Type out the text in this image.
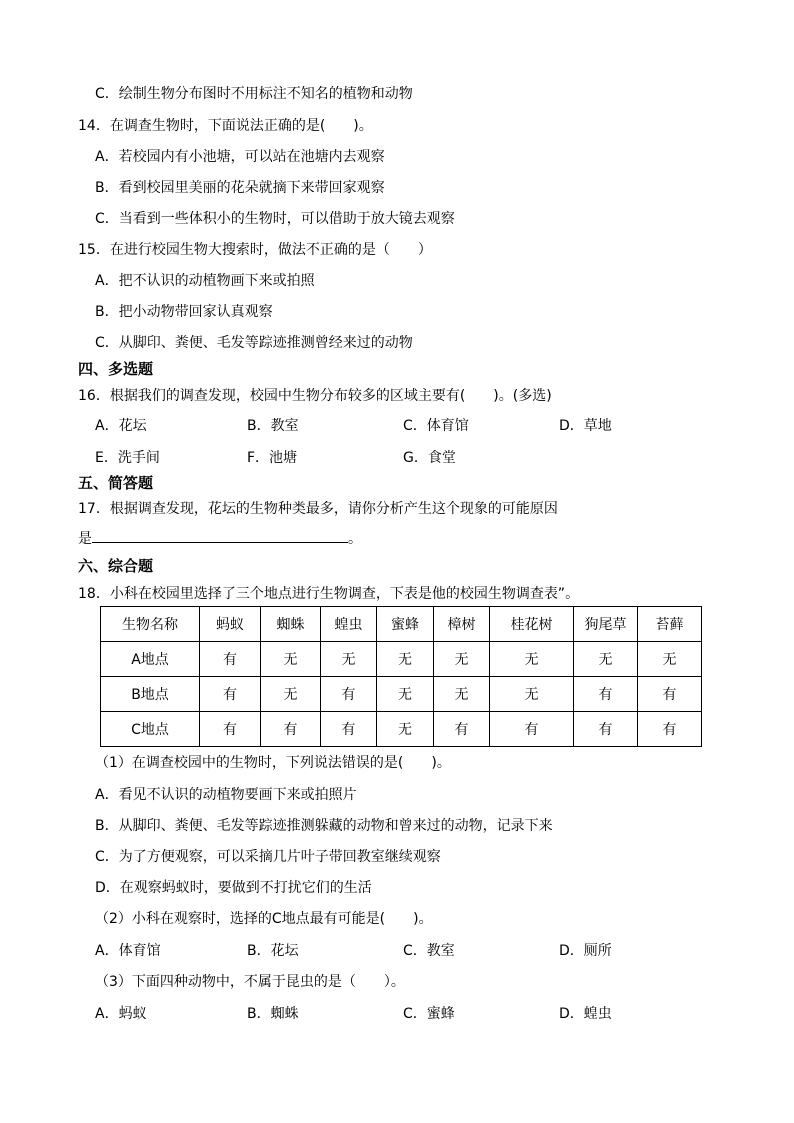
C．绘制生物分布图时不用标注不知名的植物和动物
14．在调查生物时，下面说法正确的是(　　)。
A．若校园内有小池塘，可以站在池塘内去观察
B．看到校园里美丽的花朵就摘下来带回家观察
C．当看到一些体积小的生物时，可以借助于放大镜去观察
15．在进行校园生物大搜索时，做法不正确的是（　　）
A．把不认识的动植物画下来或拍照
B．把小动物带回家认真观察
C．从脚印、粪便、毛发等踪迹推测曾经来过的动物
四、多选题
16．根据我们的调查发现，校园中生物分布较多的区域主要有(　　)。(多选)
A．花坛	B．教室	C．体育馆	D．草地
E．洗手间	F．池塘	G．食堂
五、简答题
17．根据调查发现，花坛的生物种类最多，请你分析产生这个现象的可能原因
是	。
六、综合题
18．小科在校园里选择了三个地点进行生物调查，下表是他的校园生物调查表”。
生物名称	蚂蚁	蜘蛛	蝗虫	蜜蜂	樟树	桂花树	狗尾草	苔藓
A地点	有	无	无	无	无	无	无	无
B地点	有	无	有	无	无	无	有	有
C地点	有	有	有	无	有	有	有	有
（1）在调查校园中的生物时，下列说法错误的是(　　)。
A．看见不认识的动植物要画下来或拍照片
B．从脚印、粪便、毛发等踪迹推测躲藏的动物和曾来过的动物，记录下来
C．为了方便观察，可以采摘几片叶子带回教室继续观察
D．在观察蚂蚁时，要做到不打扰它们的生活
（2）小科在观察时，选择的C地点最有可能是(　　)。
A．体育馆	B．花坛	C．教室	D．厕所
（3）下面四种动物中，不属于昆虫的是（　　）。
A．蚂蚁	B．蜘蛛	C．蜜蜂	D．蝗虫
